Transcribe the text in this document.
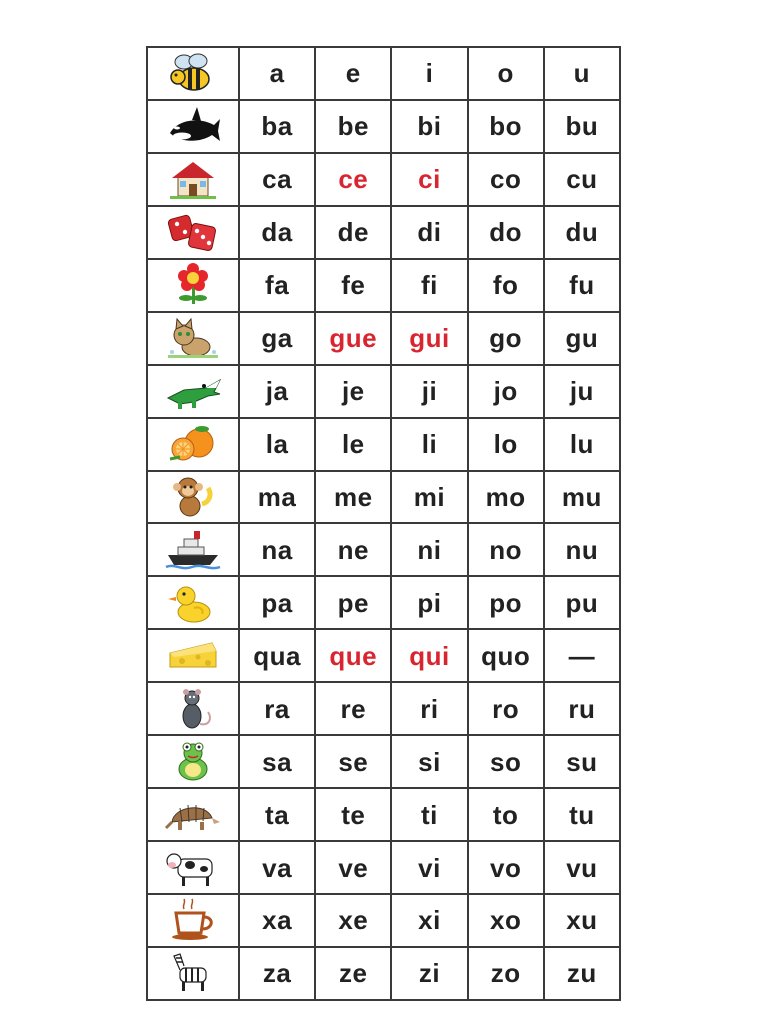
	a	e	i	o	u

	ba	be	bi	bo	bu

	ca	ce	ci	co	cu

	da	de	di	do	du

	fa	fe	fi	fo	fu

	ga	gue	gui	go	gu

	ja	je	ji	jo	ju

	la	le	li	lo	lu

	ma	me	mi	mo	mu

	na	ne	ni	no	nu

	pa	pe	pi	po	pu

	qua	que	qui	quo	—

	ra	re	ri	ro	ru

	sa	se	si	so	su

	ta	te	ti	to	tu

	va	ve	vi	vo	vu

	xa	xe	xi	xo	xu

	za	ze	zi	zo	zu
